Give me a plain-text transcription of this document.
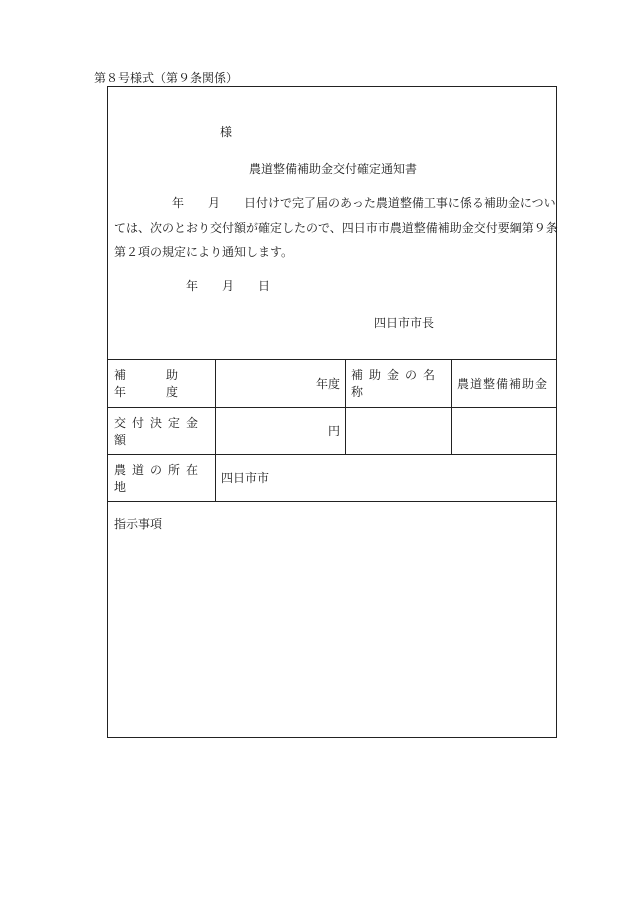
第８号様式（第９条関係）
様
農道整備補助金交付確定通知書
年　　月　　日付けで完了届のあった農道整備工事に係る補助金につい
ては、次のとおり交付額が確定したので、四日市市農道整備補助金交付要綱第９条
第２項の規定により通知します。
年　　月　　日
四日市市長
補　助　年　度
年度
補助金の名称
農道整備補助金
交付決定金額
円
農道の所在地
四日市市
指示事項
